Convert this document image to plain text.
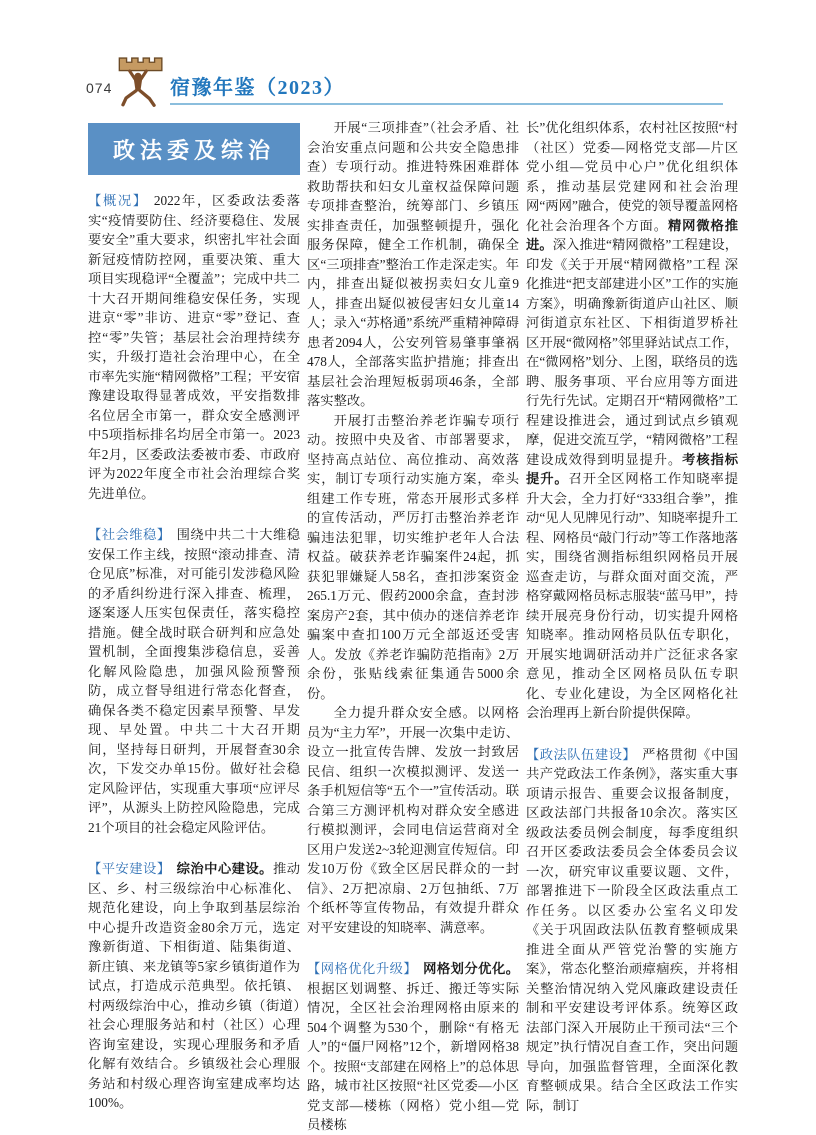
074	宿豫年鉴（2023）
政法委及综治

【概况】 2022年，区委政法委落实“疫情要防住、经济要稳住、发展要安全”重大要求，织密扎牢社会面新冠疫情防控网，重要决策、重大项目实现稳评“全覆盖”；完成中共二十大召开期间维稳安保任务，实现进京“零”非访、进京“零”登记、查控“零”失管；基层社会治理持续夯实，升级打造社会治理中心，在全市率先实施“精网微格”工程；平安宿豫建设取得显著成效，平安指数排名位居全市第一，群众安全感测评中5项指标排名均居全市第一。2023年2月，区委政法委被市委、市政府评为2022年度全市社会治理综合奖先进单位。

【社会维稳】 围绕中共二十大维稳安保工作主线，按照“滚动排查、清仓见底”标准，对可能引发涉稳风险的矛盾纠纷进行深入排查、梳理，逐案逐人压实包保责任，落实稳控措施。健全战时联合研判和应急处置机制，全面搜集涉稳信息，妥善化解风险隐患，加强风险预警预防，成立督导组进行常态化督查，确保各类不稳定因素早预警、早发现、早处置。中共二十大召开期间，坚持每日研判，开展督查30余次，下发交办单15份。做好社会稳定风险评估，实现重大事项“应评尽评”，从源头上防控风险隐患，完成21个项目的社会稳定风险评估。

【平安建设】 综治中心建设。推动区、乡、村三级综治中心标准化、规范化建设，向上争取到基层综治中心提升改造资金80余万元，选定豫新街道、下相街道、陆集街道、新庄镇、来龙镇等5家乡镇街道作为试点，打造成示范典型。依托镇、村两级综治中心，推动乡镇（街道）社会心理服务站和村（社区）心理咨询室建设，实现心理服务和矛盾化解有效结合。乡镇级社会心理服务站和村级心理咨询室建成率均达100%。

开展“三项排查”（社会矛盾、社会治安重点问题和公共安全隐患排查）专项行动。推进特殊困难群体救助帮扶和妇女儿童权益保障问题专项排查整治，统筹部门、乡镇压实排查责任，加强整顿提升，强化服务保障，健全工作机制，确保全区“三项排查”整治工作走深走实。年内，排查出疑似被拐卖妇女儿童9人，排查出疑似被侵害妇女儿童14人；录入“苏格通”系统严重精神障碍患者2094人，公安列管易肇事肇祸478人，全部落实监护措施；排查出基层社会治理短板弱项46条，全部落实整改。

开展打击整治养老诈骗专项行动。按照中央及省、市部署要求，坚持高点站位、高位推动、高效落实，制订专项行动实施方案，牵头组建工作专班，常态开展形式多样的宣传活动，严厉打击整治养老诈骗违法犯罪，切实维护老年人合法权益。破获养老诈骗案件24起，抓获犯罪嫌疑人58名，查扣涉案资金265.1万元、假药2000余盒，查封涉案房产2套，其中侦办的迷信养老诈骗案中查扣100万元全部返还受害人。发放《养老诈骗防范指南》2万余份，张贴线索征集通告5000余份。

全力提升群众安全感。以网格员为“主力军”，开展一次集中走访、设立一批宣传告牌、发放一封致居民信、组织一次模拟测评、发送一条手机短信等“五个一”宣传活动。联合第三方测评机构对群众安全感进行模拟测评，会同电信运营商对全区用户发送2~3轮迎测宣传短信。印发10万份《致全区居民群众的一封信》、2万把凉扇、2万包抽纸、7万个纸杯等宣传物品，有效提升群众对平安建设的知晓率、满意率。

【网格优化升级】 网格划分优化。根据区划调整、拆迁、搬迁等实际情况，全区社会治理网格由原来的504个调整为530个，删除“有格无人”的“僵尸网格”12个，新增网格38个。按照“支部建在网格上”的总体思路，城市社区按照“社区党委—小区党支部—楼栋（网格）党小组—党员楼栋

长”优化组织体系，农村社区按照“村（社区）党委—网格党支部—片区党小组—党员中心户”优化组织体系，推动基层党建网和社会治理网“两网”融合，使党的领导覆盖网格化社会治理各个方面。精网微格推进。深入推进“精网微格”工程建设，印发《关于开展“精网微格”工程 深化推进“把支部建进小区”工作的实施方案》，明确豫新街道庐山社区、顺河街道京东社区、下相街道罗桥社区开展“微网格”邻里驿站试点工作，在“微网格”划分、上图，联络员的选聘、服务事项、平台应用等方面进行先行先试。定期召开“精网微格”工程建设推进会，通过到试点乡镇观摩，促进交流互学，“精网微格”工程建设成效得到明显提升。考核指标提升。召开全区网格工作知晓率提升大会，全力打好“333组合拳”，推动“见人见牌见行动”、知晓率提升工程、网格员“敲门行动”等工作落地落实，围绕省测指标组织网格员开展巡查走访，与群众面对面交流，严格穿戴网格员标志服装“蓝马甲”，持续开展亮身份行动，切实提升网格知晓率。推动网格员队伍专职化，开展实地调研活动并广泛征求各家意见，推动全区网格员队伍专职化、专业化建设，为全区网格化社会治理再上新台阶提供保障。

【政法队伍建设】 严格贯彻《中国共产党政法工作条例》，落实重大事项请示报告、重要会议报备制度，区政法部门共报备10余次。落实区级政法委员例会制度，每季度组织召开区委政法委员会全体委员会议一次，研究审议重要议题、文件，部署推进下一阶段全区政法重点工作任务。以区委办公室名义印发《关于巩固政法队伍教育整顿成果 推进全面从严管党治警的实施方案》，常态化整治顽瘴痼疾，并将相关整治情况纳入党风廉政建设责任制和平安建设考评体系。统筹区政法部门深入开展防止干预司法“三个规定”执行情况自查工作，突出问题导向，加强监督管理，全面深化教育整顿成果。结合全区政法工作实际，制订
